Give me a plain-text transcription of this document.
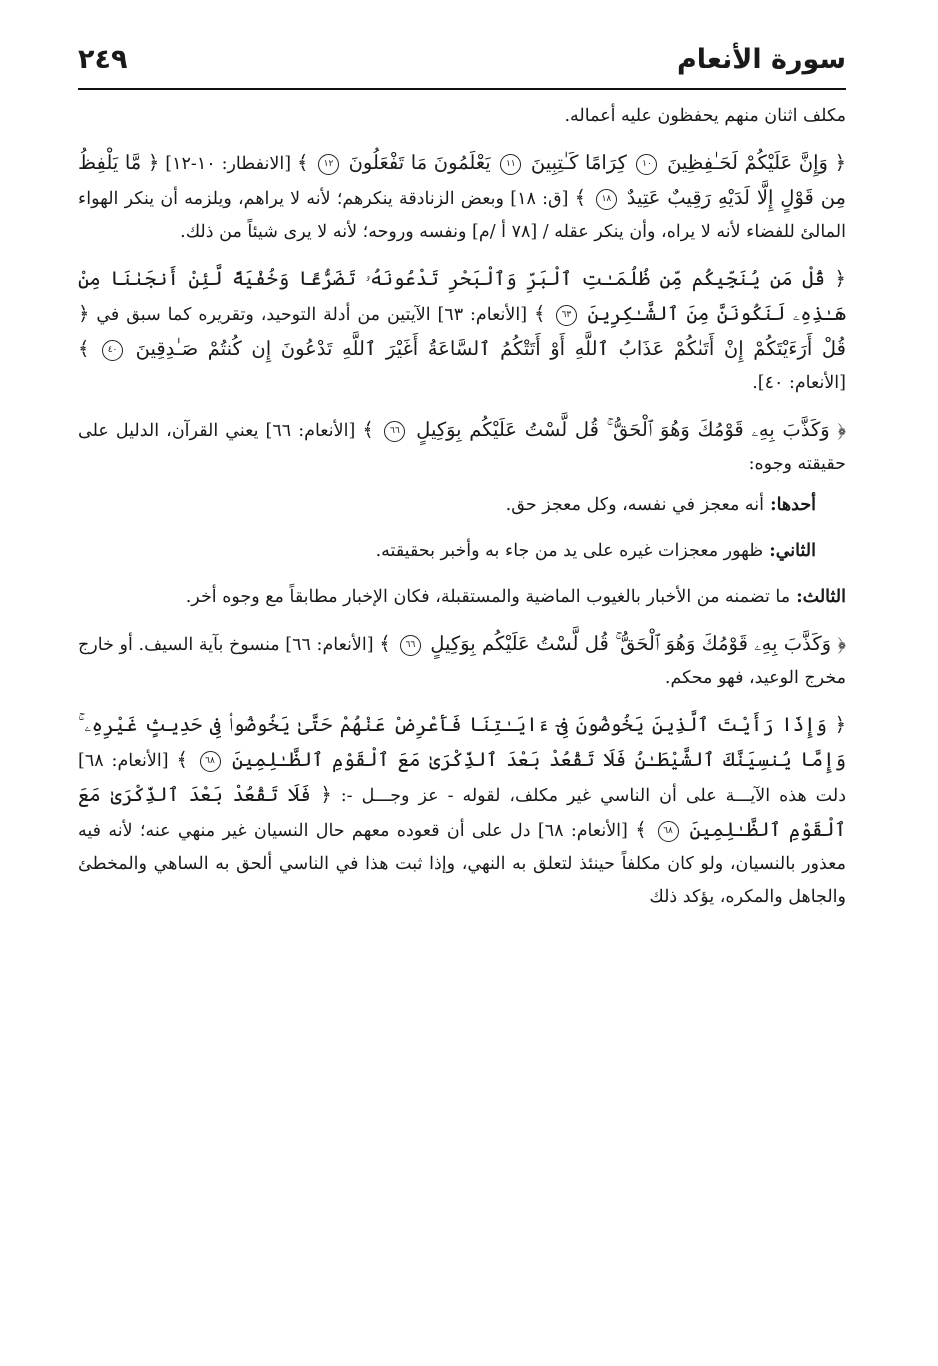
سورة الأنعام
٢٤٩

مكلف اثنان منهم يحفظون عليه أعماله.

﴿ وَإِنَّ عَلَيْكُمْ لَحَـٰفِظِينَ ١٠ كِرَامًا كَـٰتِبِينَ ١١ يَعْلَمُونَ مَا تَفْعَلُونَ ١٢ ﴾ [الانفطار: ١٠-١٢] ﴿ مَّا يَلْفِظُ مِن قَوْلٍ إِلَّا لَدَيْهِ رَقِيبٌ عَتِيدٌ ١٨ ﴾ [ق: ١٨] وبعض الزنادقة ينكرهم؛ لأنه لا يراهم، ويلزمه أن ينكر الهواء المالئ للفضاء لأنه لا يراه، وأن ينكر عقله / [٧٨ أ /م] ونفسه وروحه؛ لأنه لا يرى شيئاً من ذلك.

﴿ قُلْ مَن يُنَجِّيكُم مِّن ظُلُمَـٰتِ ٱلْبَرِّ وَٱلْبَحْرِ تَدْعُونَهُۥ تَضَرُّعًا وَخُفْيَةً لَّئِنْ أَنجَىٰنَا مِنْ هَـٰذِهِۦ لَنَكُونَنَّ مِنَ ٱلشَّـٰكِرِينَ ٦٣ ﴾ [الأنعام: ٦٣] الآيتين من أدلة التوحيد، وتقريره كما سبق في ﴿ قُلْ أَرَءَيْتَكُمْ إِنْ أَتَىٰكُمْ عَذَابُ ٱللَّهِ أَوْ أَتَتْكُمُ ٱلسَّاعَةُ أَغَيْرَ ٱللَّهِ تَدْعُونَ إِن كُنتُمْ صَـٰدِقِينَ ٤٠ ﴾ [الأنعام: ٤٠].

﴿ وَكَذَّبَ بِهِۦ قَوْمُكَ وَهُوَ ٱلْحَقُّ ۚ قُل لَّسْتُ عَلَيْكُم بِوَكِيلٍ ٦٦ ﴾ [الأنعام: ٦٦] يعني القرآن، الدليل على حقيقته وجوه:

أحدها: أنه معجز في نفسه، وكل معجز حق.

الثاني: ظهور معجزات غيره على يد من جاء به وأخبر بحقيقته.

الثالث: ما تضمنه من الأخبار بالغيوب الماضية والمستقبلة، فكان الإخبار مطابقاً مع وجوه أخر.

﴿ وَكَذَّبَ بِهِۦ قَوْمُكَ وَهُوَ ٱلْحَقُّ ۚ قُل لَّسْتُ عَلَيْكُم بِوَكِيلٍ ٦٦ ﴾ [الأنعام: ٦٦] منسوخ بآية السيف. أو خارج مخرج الوعيد، فهو محكم.

﴿ وَإِذَا رَأَيْتَ ٱلَّذِينَ يَخُوضُونَ فِىٓ ءَايَـٰتِنَا فَأَعْرِضْ عَنْهُمْ حَتَّىٰ يَخُوضُوا۟ فِى حَدِيثٍ غَيْرِهِۦ ۚ وَإِمَّا يُنسِيَنَّكَ ٱلشَّيْطَـٰنُ فَلَا تَقْعُدْ بَعْدَ ٱلذِّكْرَىٰ مَعَ ٱلْقَوْمِ ٱلظَّـٰلِمِينَ ٦٨ ﴾ [الأنعام: ٦٨] دلت هذه الآيـــة على أن الناسي غير مكلف، لقوله - عز وجـــل -: ﴿ فَلَا تَقْعُدْ بَعْدَ ٱلذِّكْرَىٰ مَعَ ٱلْقَوْمِ ٱلظَّـٰلِمِينَ ٦٨ ﴾ [الأنعام: ٦٨] دل على أن قعوده معهم حال النسيان غير منهي عنه؛ لأنه فيه معذور بالنسيان، ولو كان مكلفاً حينئذ لتعلق به النهي، وإذا ثبت هذا في الناسي ألحق به الساهي والمخطئ والجاهل والمكره، يؤكد ذلك
